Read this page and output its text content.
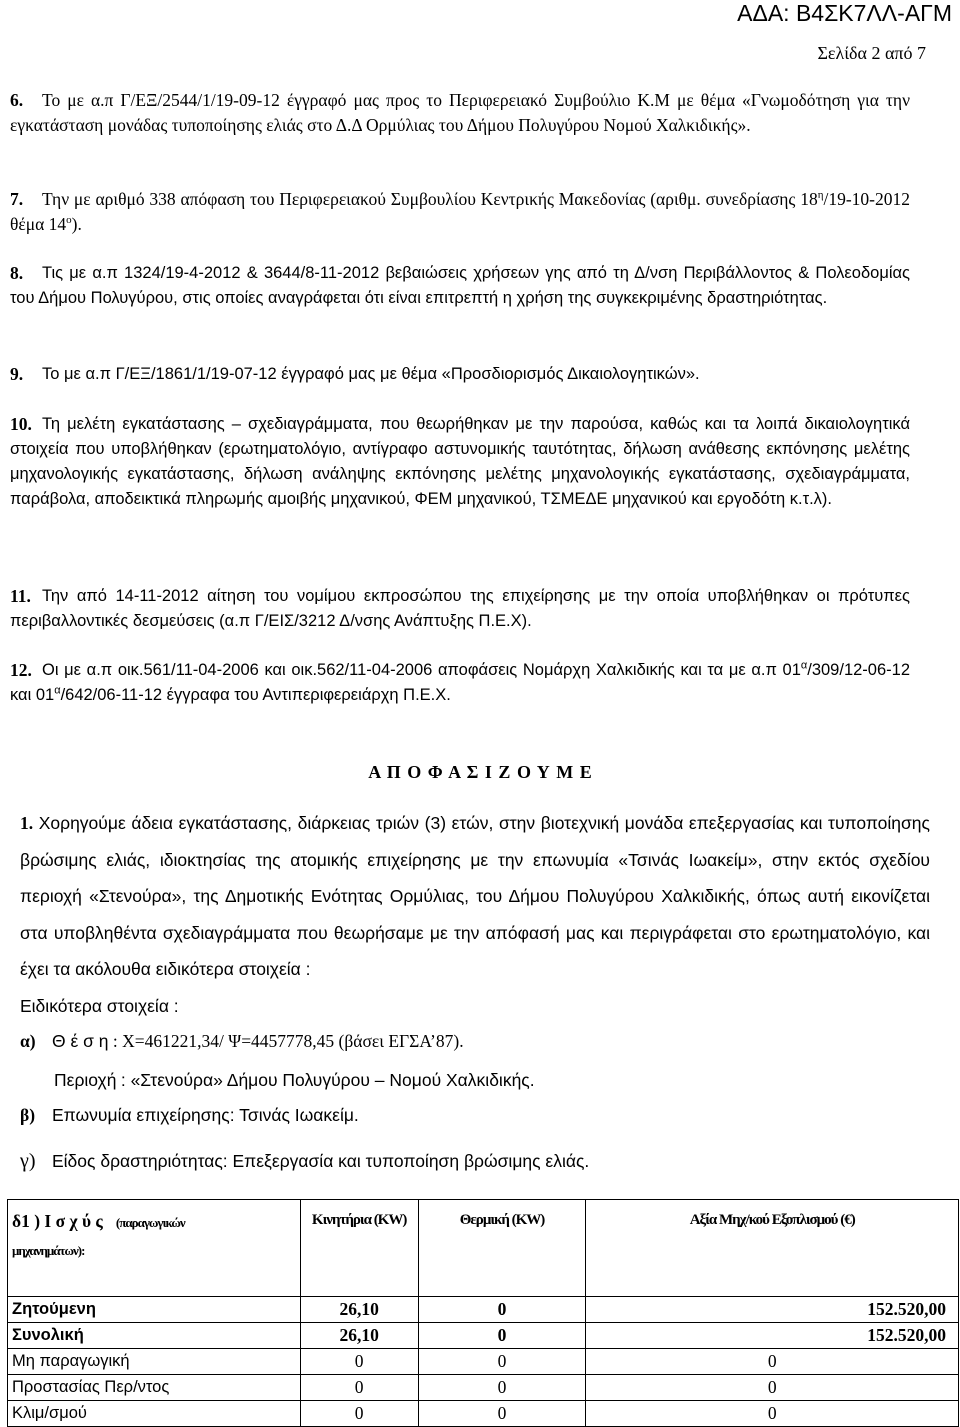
ΑΔΑ: Β4ΣΚ7ΛΛ-ΑΓΜ
Σελίδα 2 από 7
6.	Το με α.π Γ/ΕΞ/2544/1/19-09-12 έγγραφό μας προς το Περιφερειακό Συμβούλιο Κ.Μ με θέμα «Γνωμοδότηση για την εγκατάσταση μονάδας τυποποίησης ελιάς στο Δ.Δ Ορμύλιας του Δήμου Πολυγύρου Νομού Χαλκιδικής».
7.	Την με αριθμό 338 απόφαση του Περιφερειακού Συμβουλίου Κεντρικής Μακεδονίας (αριθμ. συνεδρίασης $18^\eta/19-10-2012$ θέμα $14^o$).
8.	Τις με α.π 1324/19-4-2012 & 3644/8-11-2012 βεβαιώσεις χρήσεων γης από τη Δ/νση Περιβάλλοντος & Πολεοδομίας του Δήμου Πολυγύρου, στις οποίες αναγράφεται ότι είναι επιτρεπτή η χρήση της συγκεκριμένης δραστηριότητας.
9.	Το με α.π Γ/ΕΞ/1861/1/19-07-12 έγγραφό μας με θέμα «Προσδιορισμός Δικαιολογητικών».
10. Τη μελέτη εγκατάστασης – σχεδιαγράμματα, που θεωρήθηκαν με την παρούσα, καθώς και τα λοιπά δικαιολογητικά στοιχεία που υποβλήθηκαν (ερωτηματολόγιο, αντίγραφο αστυνομικής ταυτότητας, δήλωση ανάθεσης εκπόνησης μελέτης μηχανολογικής εγκατάστασης, δήλωση ανάληψης εκπόνησης μελέτης μηχανολογικής εγκατάστασης, σχεδιαγράμματα, παράβολα, αποδεικτικά πληρωμής αμοιβής μηχανικού, ΦΕΜ μηχανικού, ΤΣΜΕΔΕ μηχανικού και εργοδότη κ.τ.λ).
11. Την από 14-11-2012 αίτηση του νομίμου εκπροσώπου της επιχείρησης με την οποία υποβλήθηκαν οι πρότυπες περιβαλλοντικές δεσμεύσεις (α.π Γ/ΕΙΣ/3212 Δ/νσης Ανάπτυξης Π.Ε.Χ).
12. Οι με α.π οικ.561/11-04-2006 και οικ.562/11-04-2006 αποφάσεις Νομάρχη Χαλκιδικής και τα με α.π $01^\alpha/309/12-06-12$ και $01^\alpha/642/06-11-12$ έγγραφα του Αντιπεριφερειάρχη Π.Ε.Χ.
Α Π Ο Φ Α Σ Ι Ζ Ο Υ Μ Ε
1. Χορηγούμε άδεια εγκατάστασης, διάρκειας τριών (3) ετών, στην βιοτεχνική μονάδα επεξεργασίας και τυποποίησης βρώσιμης ελιάς, ιδιοκτησίας της ατομικής επιχείρησης με την επωνυμία «Τσινάς Ιωακείμ», στην εκτός σχεδίου περιοχή «Στενούρα», της Δημοτικής Ενότητας Ορμύλιας, του Δήμου Πολυγύρου Χαλκιδικής, όπως αυτή εικονίζεται στα υποβληθέντα σχεδιαγράμματα που θεωρήσαμε με την απόφασή μας και περιγράφεται στο ερωτηματολόγιο, και έχει τα ακόλουθα ειδικότερα στοιχεία :
Ειδικότερα στοιχεία :
α) Θ έ σ η : Χ=461221,34/ Ψ=4457778,45 (βάσει ΕΓΣΑ’87).
Περιοχή : «Στενούρα» Δήμου Πολυγύρου – Νομού Χαλκιδικής.
β) Επωνυμία επιχείρησης: Τσινάς Ιωακείμ.
γ) Είδος δραστηριότητας: Επεξεργασία και τυποποίηση βρώσιμης ελιάς.
δ1 ) Ι σ χ ύ ς (παραγωγικών
μηχανημάτων):	Κινητήρια (KW)	Θερμική (KW)	Αξία Μηχ/κού Εξοπλισμού (€)
Ζητούμενη	26,10	0	152.520,00
Συνολική	26,10	0	152.520,00
Μη παραγωγική	0	0	0
Προστασίας Περ/ντος	0	0	0
Κλιμ/σμού	0	0	0
